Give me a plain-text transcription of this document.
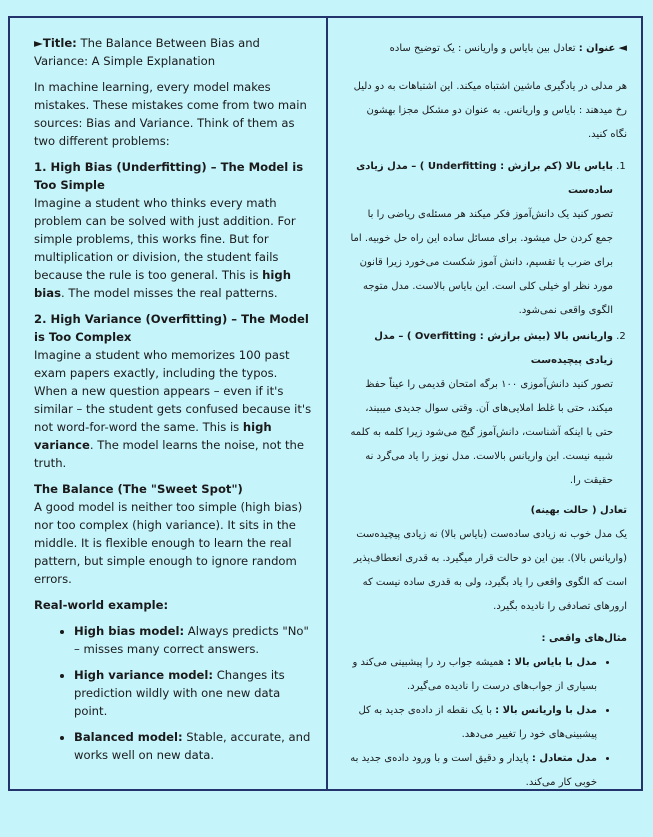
►Title: The Balance Between Bias and Variance: A Simple Explanation

In machine learning, every model makes mistakes. These mistakes come from two main sources: Bias and Variance. Think of them as two different problems:

1. High Bias (Underfitting) – The Model is Too Simple

Imagine a student who thinks every math problem can be solved with just addition. For simple problems, this works fine. But for multiplication or division, the student fails because the rule is too general. This is high bias. The model misses the real patterns.

2. High Variance (Overfitting) – The Model is Too Complex

Imagine a student who memorizes 100 past exam papers exactly, including the typos. When a new question appears – even if it's similar – the student gets confused because it's not word-for-word the same. This is high variance. The model learns the noise, not the truth.

The Balance (The "Sweet Spot")

A good model is neither too simple (high bias) nor too complex (high variance). It sits in the middle. It is flexible enough to learn the real pattern, but simple enough to ignore random errors.

Real-world example:

• High bias model: Always predicts "No" – misses many correct answers.
• High variance model: Changes its prediction wildly with one new data point.
• Balanced model: Stable, accurate, and works well on new data.

◄ عنوان : تعادل بین بایاس و واریانس : یک توضیح ساده

هر مدلی در یادگیری ماشین اشتباه میکند. این اشتباهات به دو دلیل رخ میدهند : بایاس و واریانس. به عنوان دو مشکل مجزا بهشون نگاه کنید.

1. بایاس بالا (کم برازش : Underfitting ) – مدل زیادی ساده‌ست
تصور کنید یک دانش‌آموز فکر میکند هر مسئله‌ی ریاضی را با جمع کردن حل میشود. برای مسائل ساده این راه حل خوبیه. اما برای ضرب یا تقسیم، دانش آموز شکست می‌خورد زیرا قانون مورد نظر او خیلی کلی است. این بایاس بالاست. مدل متوجه الگوی واقعی نمی‌شود.
2. واریانس بالا (بیش برازش : Overfitting ) – مدل زیادی پیچیده‌ست
تصور کنید دانش‌آموزی ۱۰۰ برگه امتحان قدیمی را عیناً حفظ میکند، حتی با غلط املایی‌های آن. وقتی سوال جدیدی میبیند، حتی با اینکه آشناست، دانش‌آموز گیج می‌شود زیرا کلمه به کلمه شبیه نیست. این واریانس بالاست. مدل نویز را یاد می‌گرد نه حقیقت را.

تعادل ( حالت بهینه)

یک مدل خوب نه زیادی ساده‌ست (بایاس بالا) نه زیادی پیچیده‌ست (واریانس بالا). بین این دو حالت قرار میگیرد. به قدری انعطاف‌پذیر است که الگوی واقعی را یاد بگیرد، ولی به قدری ساده نیست که ارورهای تصادفی را نادیده بگیرد.

مثال‌های واقعی :

• مدل با بایاس بالا : همیشه جواب رد را پیشبینی می‌کند و بسیاری از جواب‌های درست را نادیده می‌گیرد.
• مدل با واریانس بالا : با یک نقطه از داده‌ی جدید به کل پیشبینی‌های خود را تغییر می‌دهد.
• مدل متعادل : پایدار و دقیق است و با ورود داده‌ی جدید به خوبی کار می‌کند.
